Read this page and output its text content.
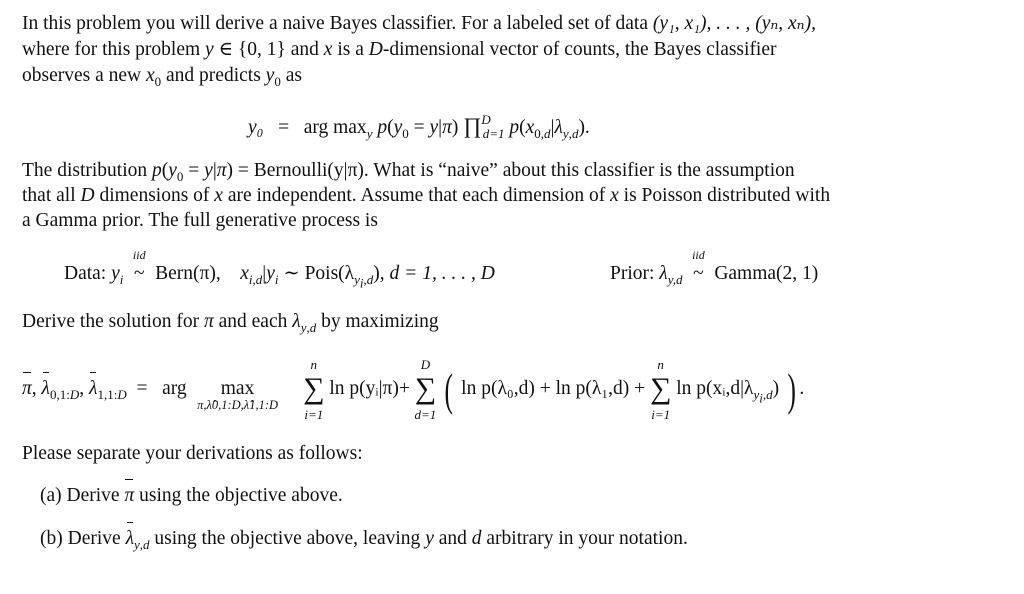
In this problem you will derive a naive Bayes classifier. For a labeled set of data (y₁, x₁), . . . , (yₙ, xₙ),
where for this problem y ∈ {0, 1} and x is a D-dimensional vector of counts, the Bayes classifier
observes a new $x_0$ and predicts $y_0$ as
y₀ = arg $\max_y p(y_0 = y|\pi)$ ∏$^D_{d=1}$ $p(x_{0,d}|\lambda_{y,d})$.
The distribution $p(y_0 = y|\pi)$ = Bernoulli(y|π). What is “naive” about this classifier is the assumption
that all D dimensions of x are independent. Assume that each dimension of x is Poisson distributed with
a Gamma prior. The full generative process is
Data: $y_i$
iid
~ Bern(π), $x_{i,d}|y_i$ ∼ $Pois(\lambda_{y_i,d})$, d = 1, . . . , D	Prior: $\lambda_{y,d}$
iid
~ Gamma(2, 1)
Derive the solution for π and each $\lambda_{y,d}$ by maximizing
π, $\lambda_{0,1:D}$, $\lambda_{1,1:D}$  =   arg max
π,λ̂0,1:D,λ̂1,1:D

n
∑
i=1
ln p(yᵢ|π)+
D
∑
d=1 ( ln p(λ₀,d) + ln p(λ₁,d) +
n
∑
i=1
$\ln p(xᵢ,d|\lambda_{y_i,d})$ ) .
Please separate your derivations as follows:
(a) Derive π using the objective above.
(b) Derive $\lambda_{y,d}$ using the objective above, leaving y and d arbitrary in your notation.
